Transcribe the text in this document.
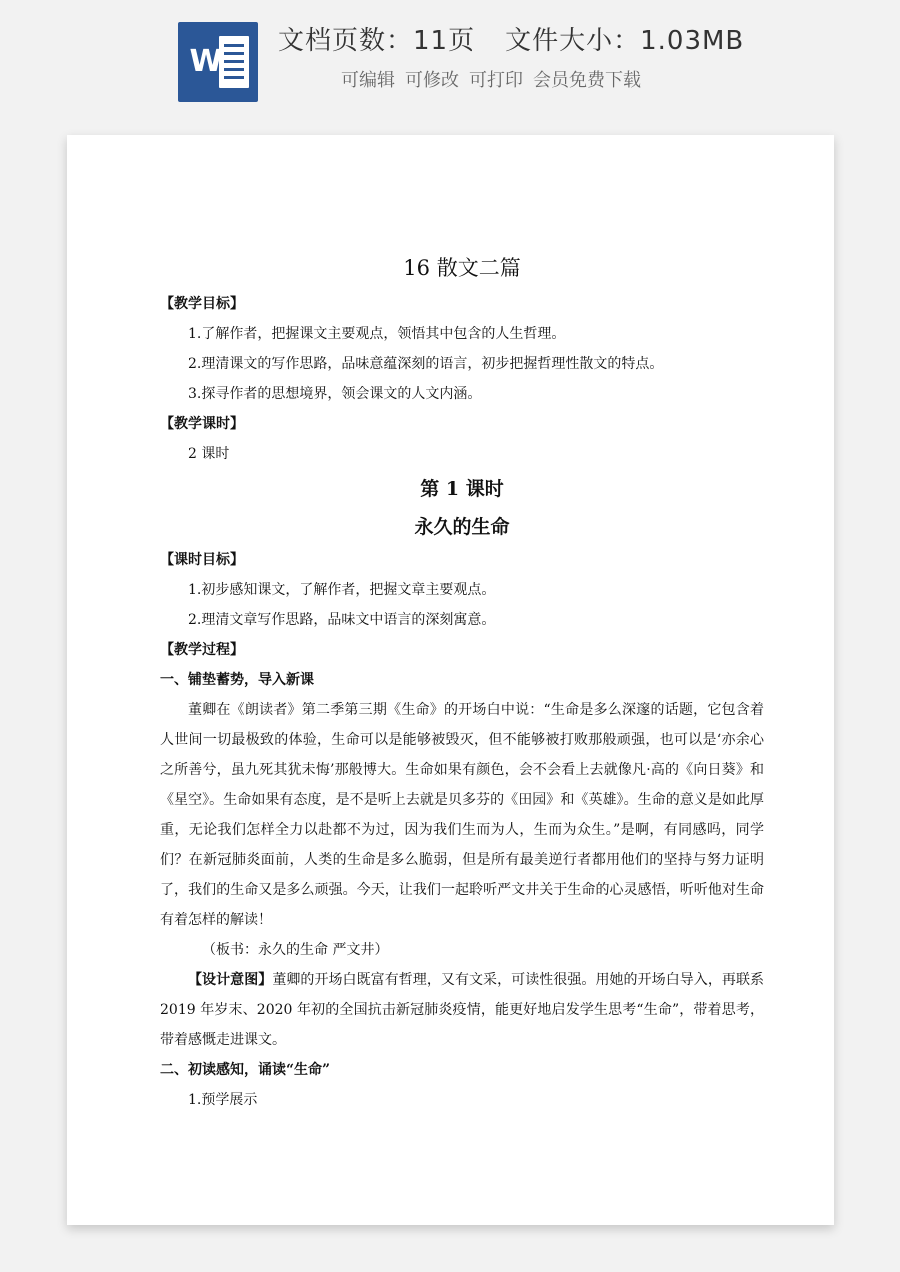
W
文档页数：11页 文件大小：1.03MB
可编辑 可修改 可打印 会员免费下载
16 散文二篇
【教学目标】
1.了解作者，把握课文主要观点，领悟其中包含的人生哲理。
2.理清课文的写作思路，品味意蕴深刻的语言，初步把握哲理性散文的特点。
3.探寻作者的思想境界，领会课文的人文内涵。
【教学课时】
2 课时
第 1 课时
永久的生命
【课时目标】
1.初步感知课文，了解作者，把握文章主要观点。
2.理清文章写作思路，品味文中语言的深刻寓意。
【教学过程】
一、铺垫蓄势，导入新课
董卿在《朗读者》第二季第三期《生命》的开场白中说：“生命是多么深邃的话题，它包含着人世间一切最极致的体验，生命可以是能够被毁灭，但不能够被打败那般顽强，也可以是‘亦余心之所善兮，虽九死其犹未悔’那般博大。生命如果有颜色，会不会看上去就像凡·高的《向日葵》和《星空》。生命如果有态度，是不是听上去就是贝多芬的《田园》和《英雄》。生命的意义是如此厚重，无论我们怎样全力以赴都不为过，因为我们生而为人，生而为众生。”是啊，有同感吗，同学们？在新冠肺炎面前，人类的生命是多么脆弱，但是所有最美逆行者都用他们的坚持与努力证明了，我们的生命又是多么顽强。今天，让我们一起聆听严文井关于生命的心灵感悟，听听他对生命有着怎样的解读！
（板书：永久的生命 严文井）
【设计意图】董卿的开场白既富有哲理，又有文采，可读性很强。用她的开场白导入，再联系 2019 年岁末、2020 年初的全国抗击新冠肺炎疫情，能更好地启发学生思考“生命”，带着思考，带着感慨走进课文。
二、初读感知，诵读“生命”
1.预学展示
